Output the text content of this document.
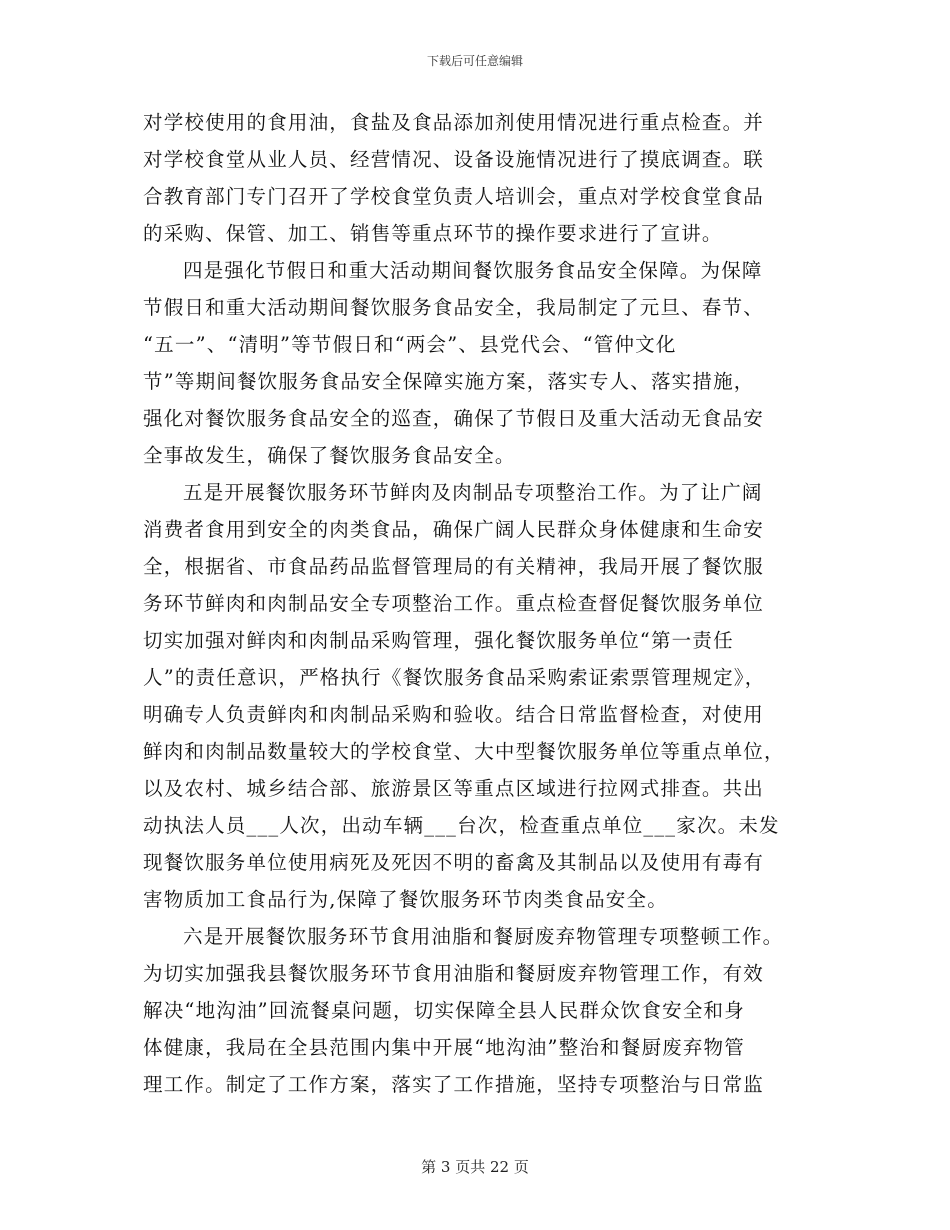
下载后可任意编辑
对学校使用的食用油，食盐及食品添加剂使用情况进行重点检查。并
对学校食堂从业人员、经营情况、设备设施情况进行了摸底调查。联
合教育部门专门召开了学校食堂负责人培训会，重点对学校食堂食品
的采购、保管、加工、销售等重点环节的操作要求进行了宣讲。
四是强化节假日和重大活动期间餐饮服务食品安全保障。为保障
节假日和重大活动期间餐饮服务食品安全，我局制定了元旦、春节、
“五一”、“清明”等节假日和“两会”、县党代会、“管仲文化
节”等期间餐饮服务食品安全保障实施方案，落实专人、落实措施，
强化对餐饮服务食品安全的巡查，确保了节假日及重大活动无食品安
全事故发生，确保了餐饮服务食品安全。
五是开展餐饮服务环节鲜肉及肉制品专项整治工作。为了让广阔
消费者食用到安全的肉类食品，确保广阔人民群众身体健康和生命安
全，根据省、市食品药品监督管理局的有关精神，我局开展了餐饮服
务环节鲜肉和肉制品安全专项整治工作。重点检查督促餐饮服务单位
切实加强对鲜肉和肉制品采购管理，强化餐饮服务单位“第一责任
人”的责任意识，严格执行《餐饮服务食品采购索证索票管理规定》，
明确专人负责鲜肉和肉制品采购和验收。结合日常监督检查，对使用
鲜肉和肉制品数量较大的学校食堂、大中型餐饮服务单位等重点单位，
以及农村、城乡结合部、旅游景区等重点区域进行拉网式排查。共出
动执法人员___人次，出动车辆___台次，检查重点单位___家次。未发
现餐饮服务单位使用病死及死因不明的畜禽及其制品以及使用有毒有
害物质加工食品行为,保障了餐饮服务环节肉类食品安全。
六是开展餐饮服务环节食用油脂和餐厨废弃物管理专项整顿工作。
为切实加强我县餐饮服务环节食用油脂和餐厨废弃物管理工作，有效
解决“地沟油”回流餐桌问题，切实保障全县人民群众饮食安全和身
体健康，我局在全县范围内集中开展“地沟油”整治和餐厨废弃物管
理工作。制定了工作方案，落实了工作措施，坚持专项整治与日常监
第 3 页共 22 页
